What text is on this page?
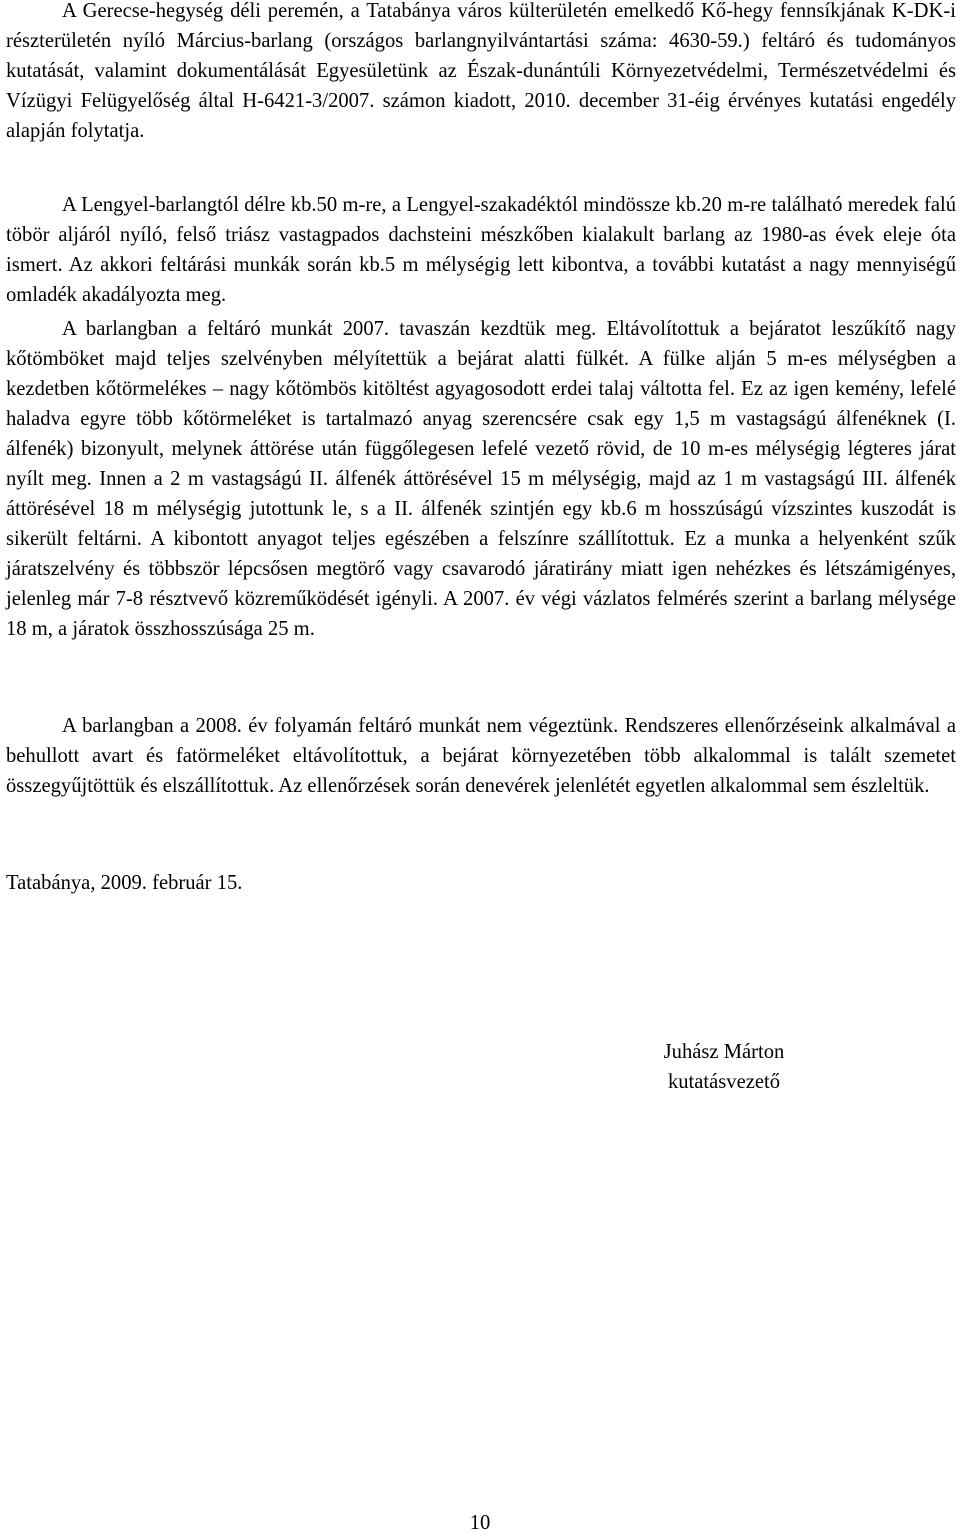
A Gerecse-hegység déli peremén, a Tatabánya város külterületén emelkedő Kő-hegy fennsíkjának K-DK-i részterületén nyíló Március-barlang (országos barlangnyilvántartási száma: 4630-59.) feltáró és tudományos kutatását, valamint dokumentálását Egyesületünk az Észak-dunántúli Környezetvédelmi, Természetvédelmi és Vízügyi Felügyelőség által H-6421-3/2007. számon kiadott, 2010. december 31-éig érvényes kutatási engedély alapján folytatja.

A Lengyel-barlangtól délre kb.50 m-re, a Lengyel-szakadéktól mindössze kb.20 m-re található meredek falú töbör aljáról nyíló, felső triász vastagpados dachsteini mészkőben kialakult barlang az 1980-as évek eleje óta ismert. Az akkori feltárási munkák során kb.5 m mélységig lett kibontva, a további kutatást a nagy mennyiségű omladék akadályozta meg.

A barlangban a feltáró munkát 2007. tavaszán kezdtük meg. Eltávolítottuk a bejáratot leszűkítő nagy kőtömböket majd teljes szelvényben mélyítettük a bejárat alatti fülkét. A fülke alján 5 m-es mélységben a kezdetben kőtörmelékes – nagy kőtömbös kitöltést agyagosodott erdei talaj váltotta fel. Ez az igen kemény, lefelé haladva egyre több kőtörmeléket is tartalmazó anyag szerencsére csak egy 1,5 m vastagságú álfenéknek (I. álfenék) bizonyult, melynek áttörése után függőlegesen lefelé vezető rövid, de 10 m-es mélységig légteres járat nyílt meg. Innen a 2 m vastagságú II. álfenék áttörésével 15 m mélységig, majd az 1 m vastagságú III. álfenék áttörésével 18 m mélységig jutottunk le, s a II. álfenék szintjén egy kb.6 m hosszúságú vízszintes kuszodát is sikerült feltárni. A kibontott anyagot teljes egészében a felszínre szállítottuk. Ez a munka a helyenként szűk járatszelvény és többször lépcsősen megtörő vagy csavarodó járatirány miatt igen nehézkes és létszámigényes, jelenleg már 7-8 résztvevő közreműködését igényli. A 2007. év végi vázlatos felmérés szerint a barlang mélysége 18 m, a járatok összhosszúsága 25 m.

A barlangban a 2008. év folyamán feltáró munkát nem végeztünk. Rendszeres ellenőrzéseink alkalmával a behullott avart és fatörmeléket eltávolítottuk, a bejárat környezetében több alkalommal is talált szemetet összegyűjtöttük és elszállítottuk. Az ellenőrzések során denevérek jelenlétét egyetlen alkalommal sem észleltük.

Tatabánya, 2009. február 15.

Juhász Márton
kutatásvezető
10
